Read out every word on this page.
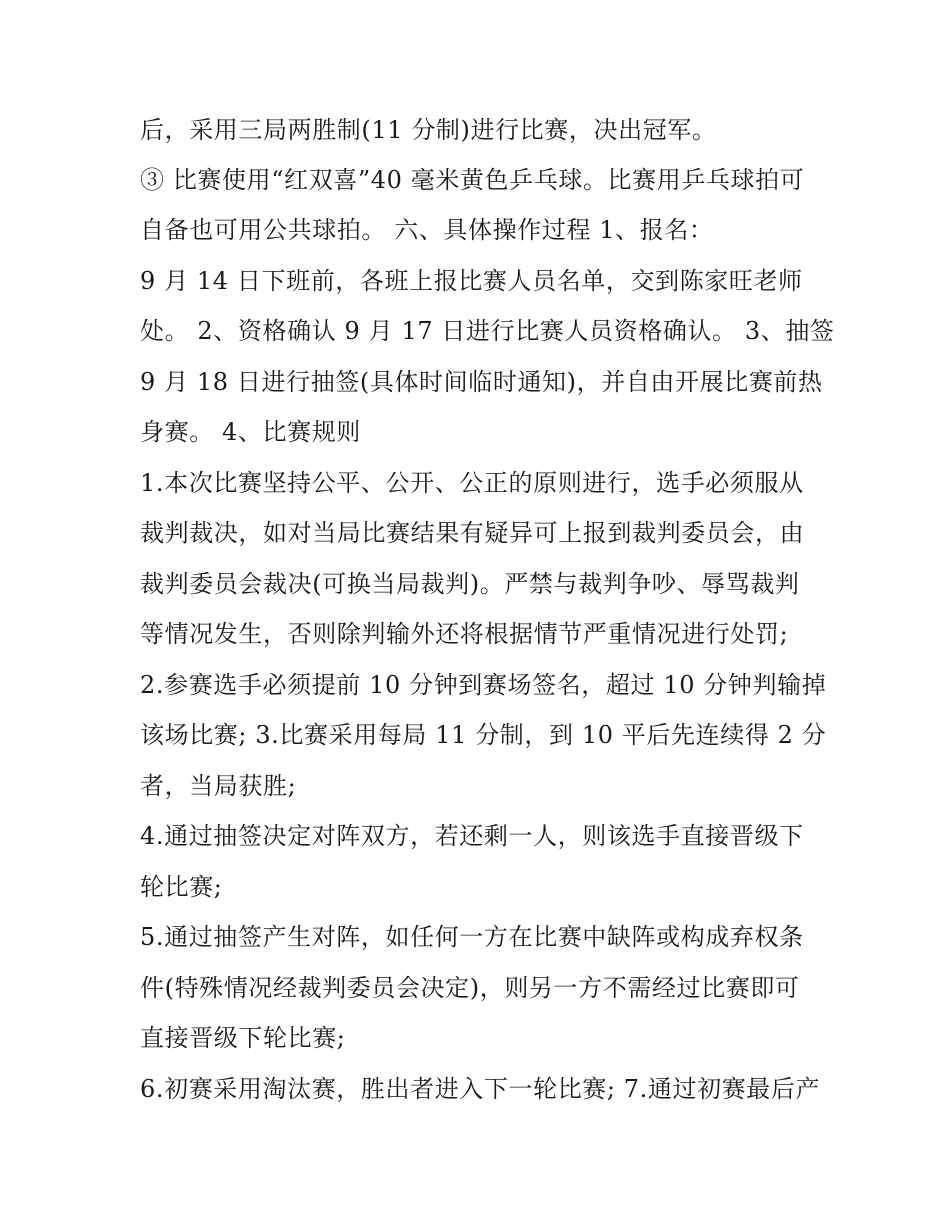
后，采用三局两胜制(11 分制)进行比赛，决出冠军。
③ 比赛使用“红双喜”40 毫米黄色乒乓球。比赛用乒乓球拍可
自备也可用公共球拍。 六、具体操作过程 1、报名：
9 月 14 日下班前，各班上报比赛人员名单，交到陈家旺老师
处。 2、资格确认 9 月 17 日进行比赛人员资格确认。 3、抽签
9 月 18 日进行抽签(具体时间临时通知)，并自由开展比赛前热
身赛。 4、比赛规则
1.本次比赛坚持公平、公开、公正的原则进行，选手必须服从
裁判裁决，如对当局比赛结果有疑异可上报到裁判委员会，由
裁判委员会裁决(可换当局裁判)。严禁与裁判争吵、辱骂裁判
等情况发生，否则除判输外还将根据情节严重情况进行处罚;
2.参赛选手必须提前 10 分钟到赛场签名，超过 10 分钟判输掉
该场比赛; 3.比赛采用每局 11 分制，到 10 平后先连续得 2 分
者，当局获胜;
4.通过抽签决定对阵双方，若还剩一人，则该选手直接晋级下
轮比赛;
5.通过抽签产生对阵，如任何一方在比赛中缺阵或构成弃权条
件(特殊情况经裁判委员会决定)，则另一方不需经过比赛即可
直接晋级下轮比赛;
6.初赛采用淘汰赛，胜出者进入下一轮比赛; 7.通过初赛最后产
